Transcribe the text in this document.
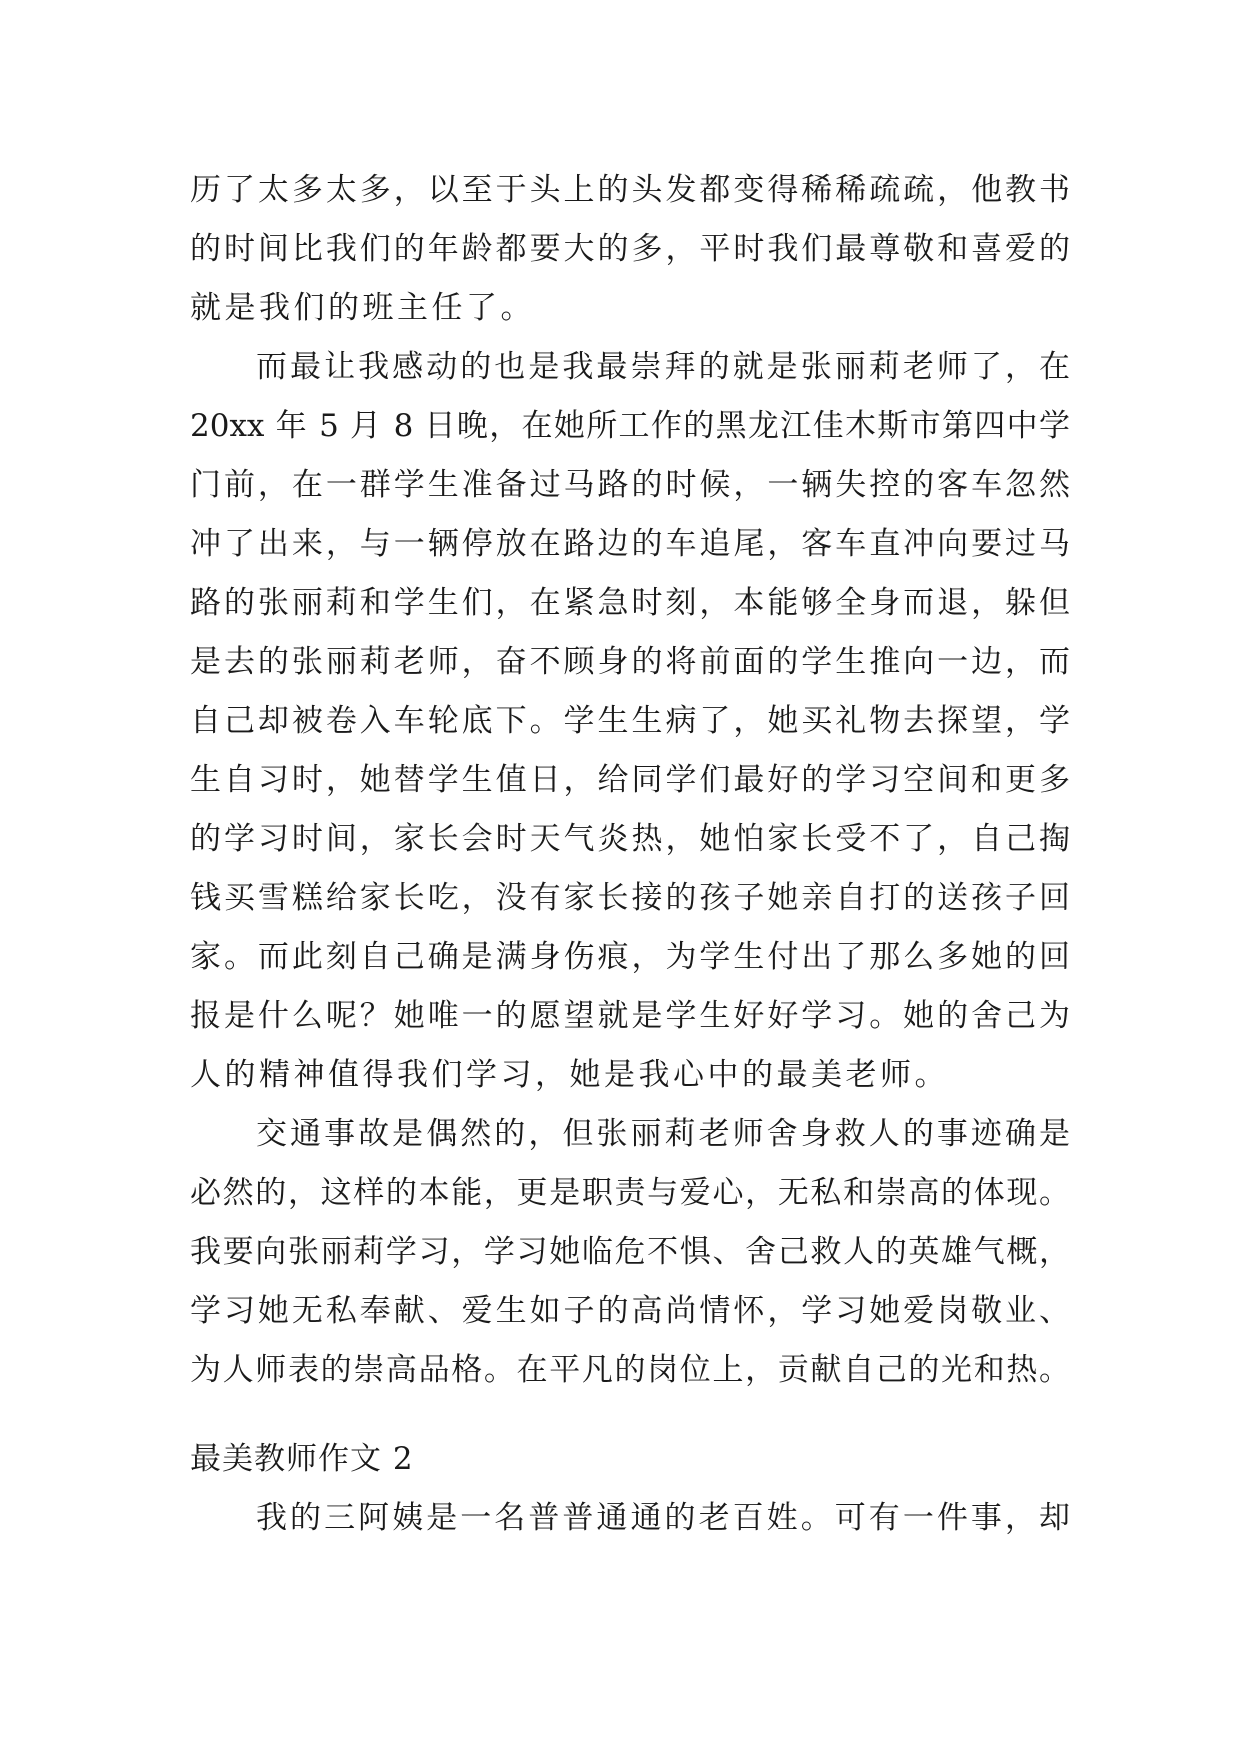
历了太多太多，以至于头上的头发都变得稀稀疏疏，他教书
的时间比我们的年龄都要大的多，平时我们最尊敬和喜爱的
就是我们的班主任了。
而最让我感动的也是我最崇拜的就是张丽莉老师了，在
20xx 年 5 月 8 日晚，在她所工作的黑龙江佳木斯市第四中学
门前，在一群学生准备过马路的时候，一辆失控的客车忽然
冲了出来，与一辆停放在路边的车追尾，客车直冲向要过马
路的张丽莉和学生们，在紧急时刻，本能够全身而退，躲但
是去的张丽莉老师，奋不顾身的将前面的学生推向一边，而
自己却被卷入车轮底下。学生生病了，她买礼物去探望，学
生自习时，她替学生值日，给同学们最好的学习空间和更多
的学习时间，家长会时天气炎热，她怕家长受不了，自己掏
钱买雪糕给家长吃，没有家长接的孩子她亲自打的送孩子回
家。而此刻自己确是满身伤痕，为学生付出了那么多她的回
报是什么呢？她唯一的愿望就是学生好好学习。她的舍己为
人的精神值得我们学习，她是我心中的最美老师。
交通事故是偶然的，但张丽莉老师舍身救人的事迹确是
必然的，这样的本能，更是职责与爱心，无私和崇高的体现。
我要向张丽莉学习，学习她临危不惧、舍己救人的英雄气概，
学习她无私奉献、爱生如子的高尚情怀，学习她爱岗敬业、
为人师表的崇高品格。在平凡的岗位上，贡献自己的光和热。
最美教师作文 2
我的三阿姨是一名普普通通的老百姓。可有一件事，却
